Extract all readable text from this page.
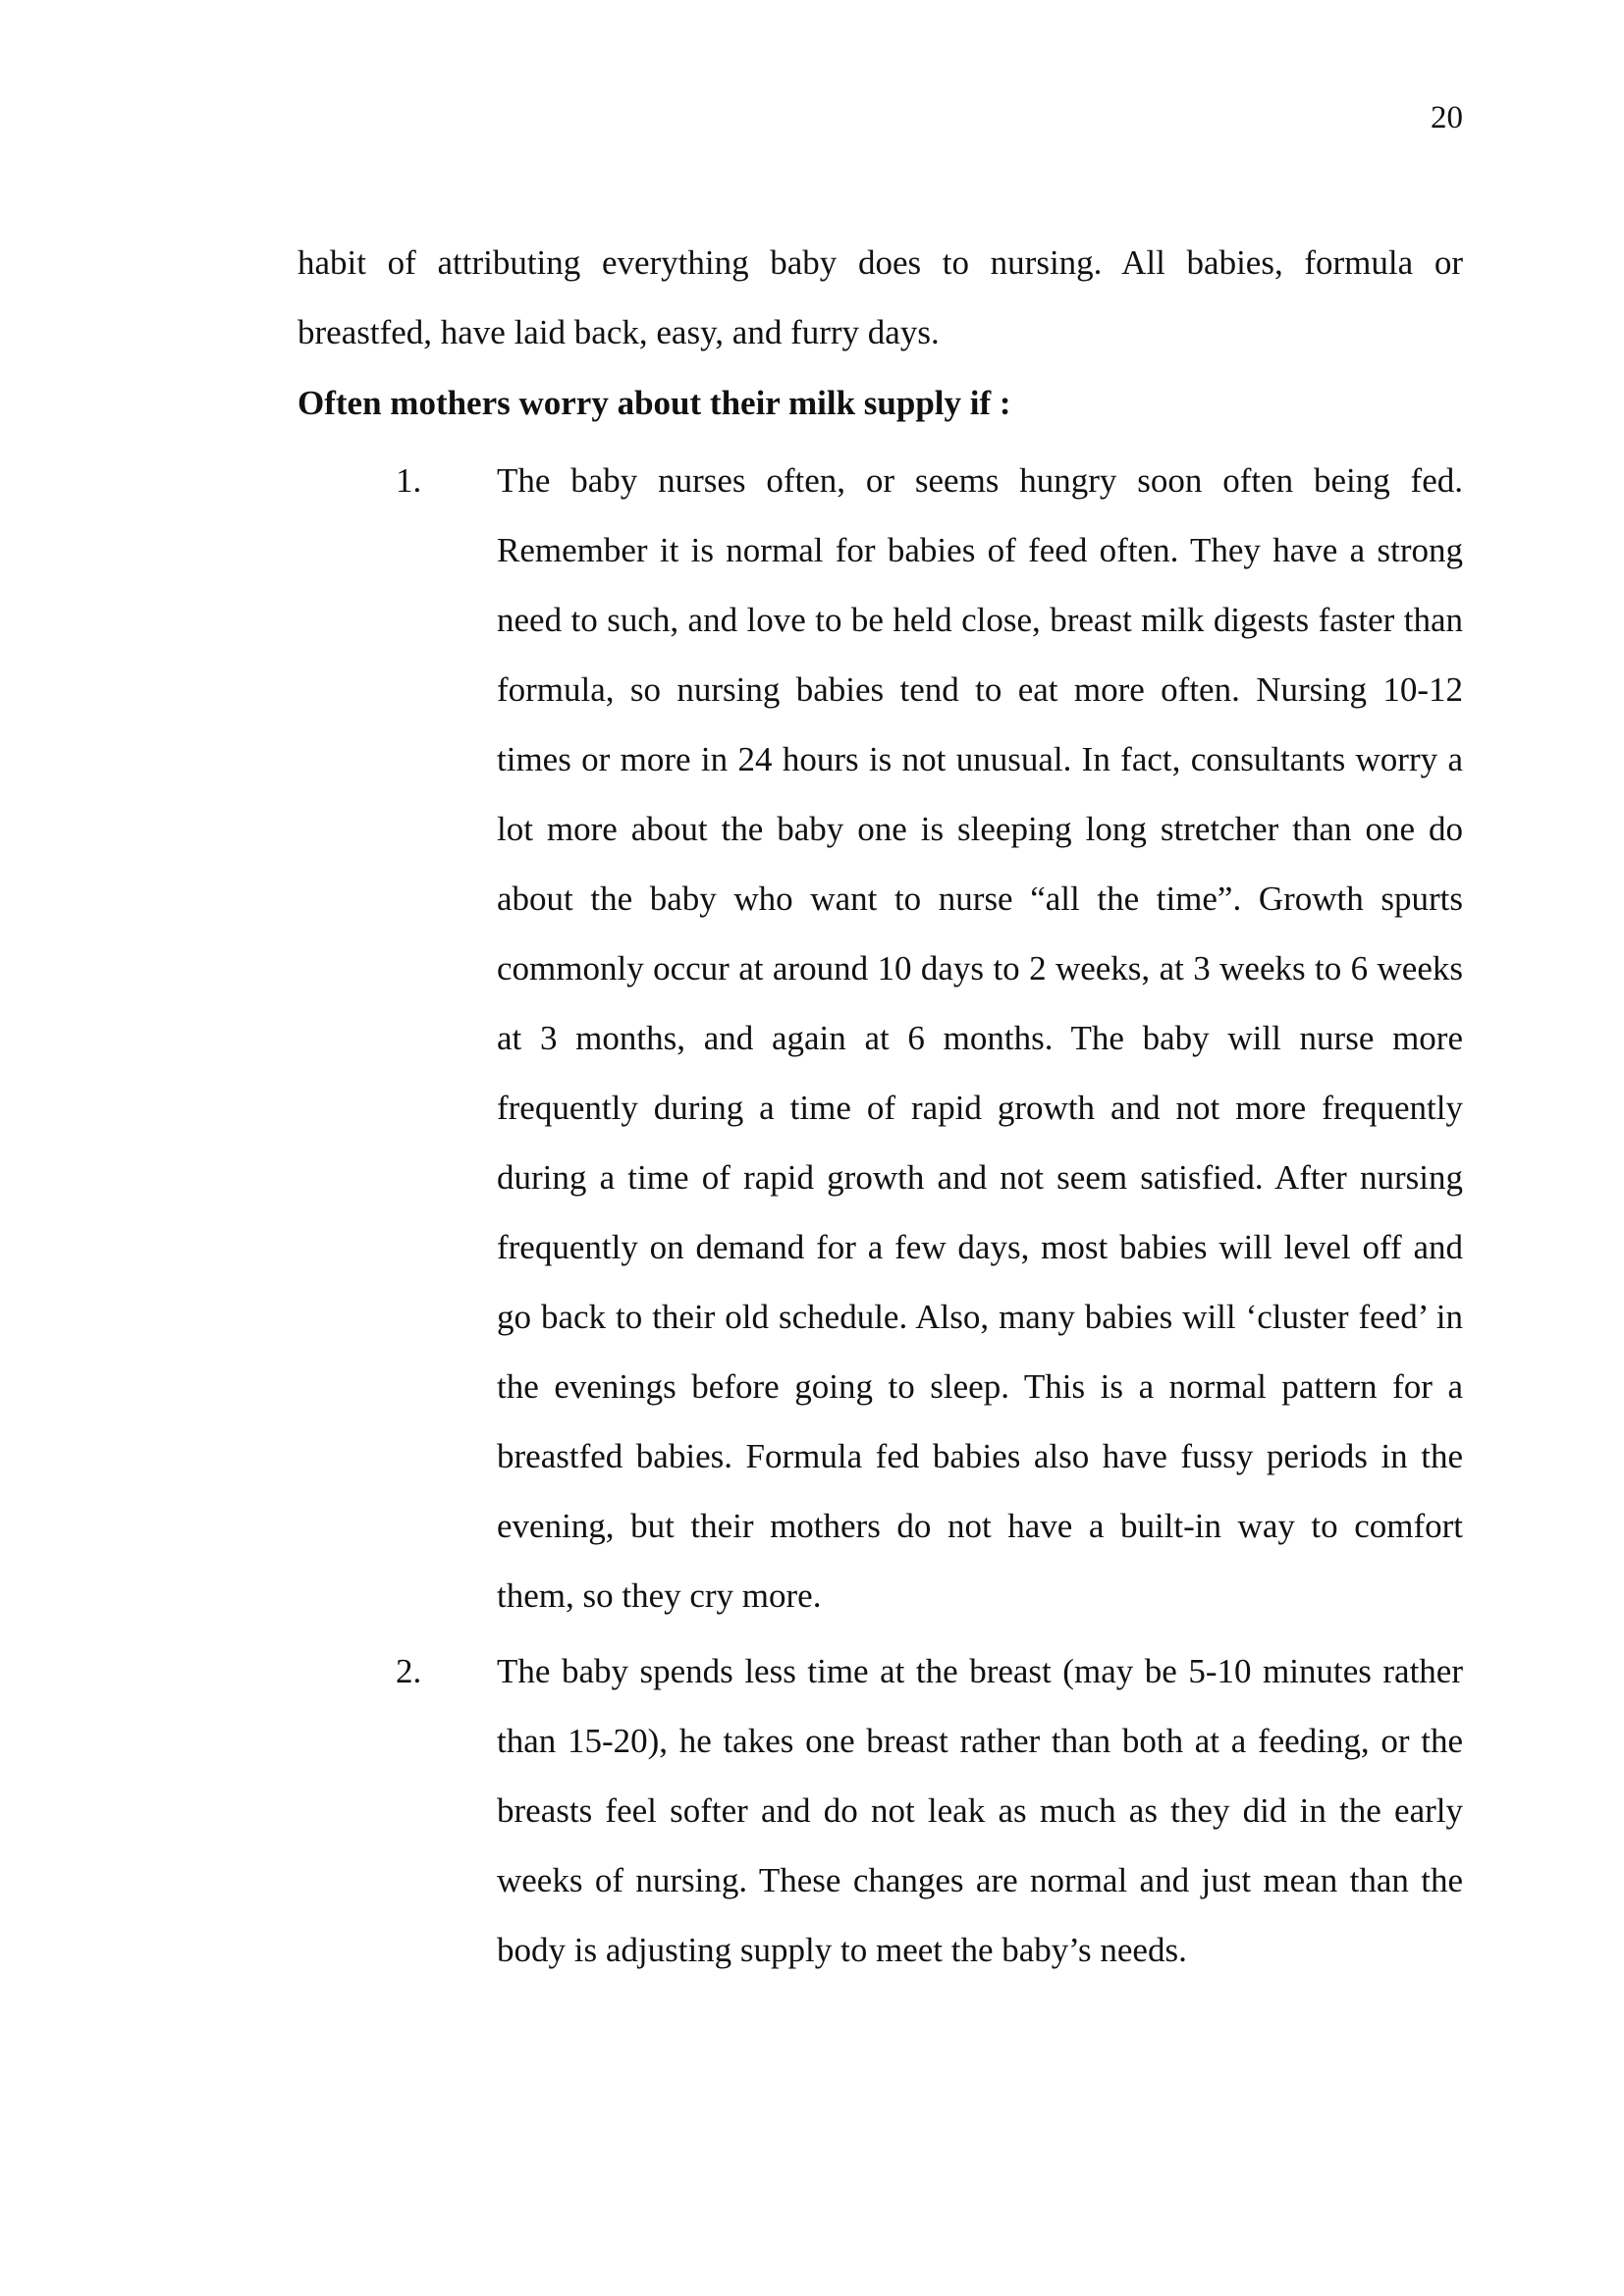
20

habit of attributing everything baby does to nursing. All babies, formula or breastfed, have laid back, easy, and furry days.

Often mothers worry about their milk supply if :

1.	The baby nurses often, or seems hungry soon often being fed. Remember it is normal for babies of feed often. They have a strong need to such, and love to be held close, breast milk digests faster than formula, so nursing babies tend to eat more often. Nursing 10-12 times or more in 24 hours is not unusual. In fact, consultants worry a lot more about the baby one is sleeping long stretcher than one do about the baby who want to nurse “all the time”. Growth spurts commonly occur at around 10 days to 2 weeks, at 3 weeks to 6 weeks at 3 months, and again at 6 months. The baby will nurse more frequently during a time of rapid growth and not more frequently during a time of rapid growth and not seem satisfied. After nursing frequently on demand for a few days, most babies will level off and go back to their old schedule. Also, many babies will ‘cluster feed’ in the evenings before going to sleep. This is a normal pattern for a breastfed babies. Formula fed babies also have fussy periods in the evening, but their mothers do not have a built-in way to comfort them, so they cry more.
2.	The baby spends less time at the breast (may be 5-10 minutes rather than 15-20), he takes one breast rather than both at a feeding, or the breasts feel softer and do not leak as much as they did in the early weeks of nursing. These changes are normal and just mean than the body is adjusting supply to meet the baby’s needs.
